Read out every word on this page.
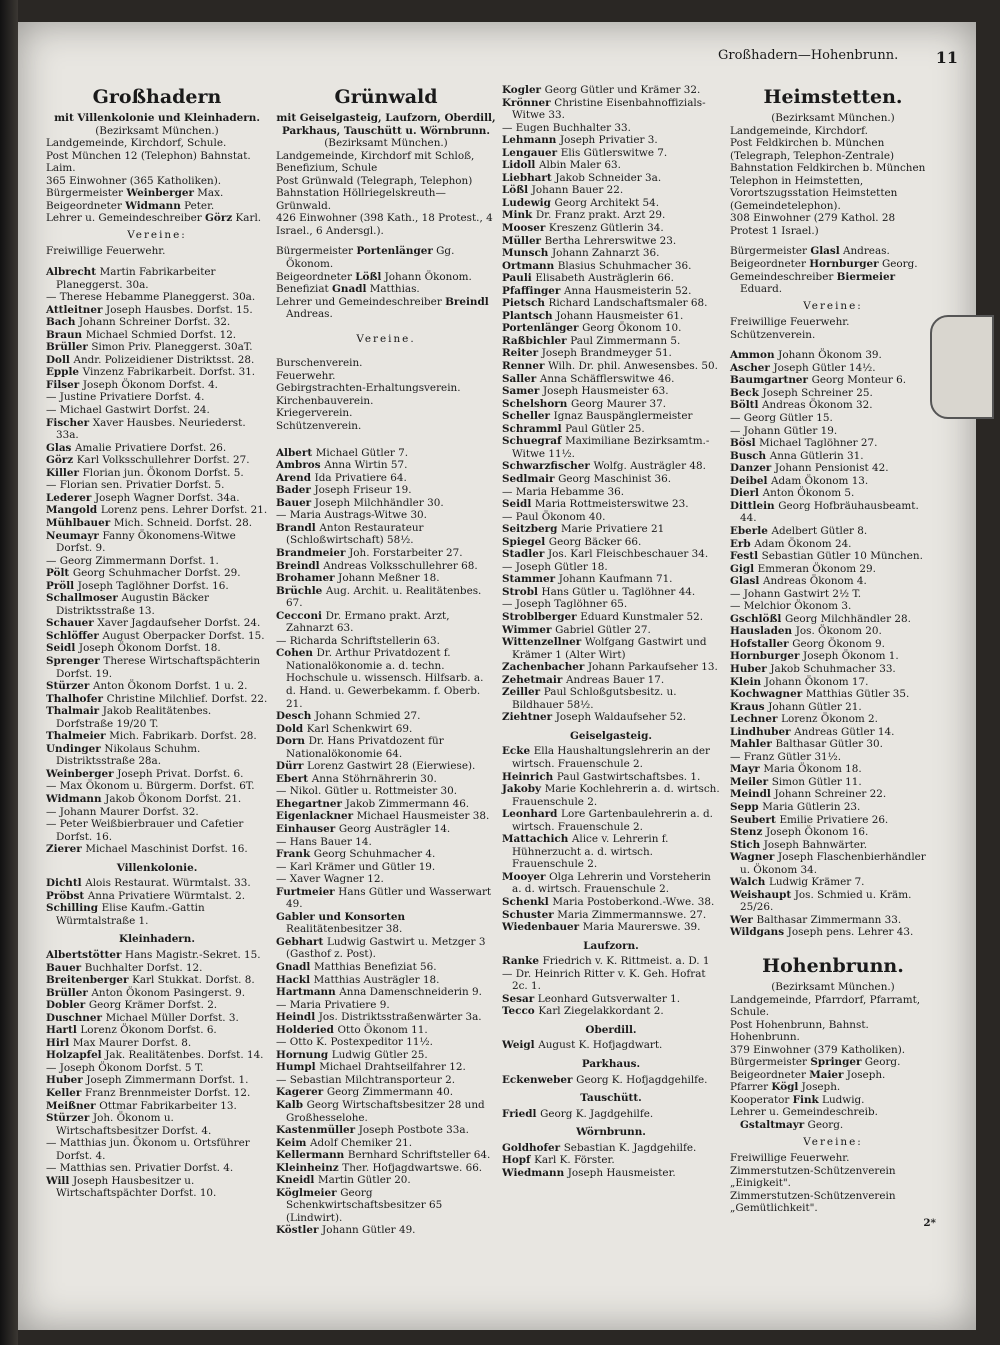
Großhadern—Hohenbrunn. 11
Großhadern
mit Villenkolonie und Kleinhadern.
(Bezirksamt München.)
Landgemeinde, Kirchdorf, Schule.
Post München 12 (Telephon) Bahnstat. Laim.
365 Einwohner (365 Katholiken).
Bürgermeister Weinberger Max.
Beigeordneter Widmann Peter.
Lehrer u. Gemeindeschreiber Görz Karl.
Vereine:
Freiwillige Feuerwehr.
Albrecht Martin Fabrikarbeiter Planeggerst. 30a.
— Therese Hebamme Planeggerst. 30a.
Attleitner Joseph Hausbes. Dorfst. 15.
Bach Johann Schreiner Dorfst. 32.
Braun Michael Schmied Dorfst. 12.
Brüller Simon Priv. Planeggerst. 30aT.
Doll Andr. Polizeidiener Distriktsst. 28.
Epple Vinzenz Fabrikarbeit. Dorfst. 31.
Filser Joseph Ökonom Dorfst. 4.
— Justine Privatiere Dorfst. 4.
— Michael Gastwirt Dorfst. 24.
Fischer Xaver Hausbes. Neuriederst. 33a.
Glas Amalie Privatiere Dorfst. 26.
Görz Karl Volksschullehrer Dorfst. 27.
Killer Florian jun. Ökonom Dorfst. 5.
— Florian sen. Privatier Dorfst. 5.
Lederer Joseph Wagner Dorfst. 34a.
Mangold Lorenz pens. Lehrer Dorfst. 21.
Mühlbauer Mich. Schneid. Dorfst. 28.
Neumayr Fanny Ökonomens-Witwe Dorfst. 9.
— Georg Zimmermann Dorfst. 1.
Pölt Georg Schuhmacher Dorfst. 29.
Pröll Joseph Taglöhner Dorfst. 16.
Schallmoser Augustin Bäcker Distriktsstraße 13.
Schauer Xaver Jagdaufseher Dorfst. 24.
Schlöffer August Oberpacker Dorfst. 15.
Seidl Joseph Ökonom Dorfst. 18.
Sprenger Therese Wirtschaftspächterin Dorfst. 19.
Stürzer Anton Ökonom Dorfst. 1 u. 2.
Thalhofer Christine Milchlief. Dorfst. 22.
Thalmair Jakob Realitätenbes. Dorfstraße 19/20 T.
Thalmeier Mich. Fabrikarb. Dorfst. 28.
Undinger Nikolaus Schuhm. Distriktsstraße 28a.
Weinberger Joseph Privat. Dorfst. 6.
— Max Ökonom u. Bürgerm. Dorfst. 6T.
Widmann Jakob Ökonom Dorfst. 21.
— Johann Maurer Dorfst. 32.
— Peter Weißbierbrauer und Cafetier Dorfst. 16.
Zierer Michael Maschinist Dorfst. 16.
Villenkolonie.
Dichtl Alois Restaurat. Würmtalst. 33.
Pröbst Anna Privatiere Würmtalst. 2.
Schilling Elise Kaufm.-Gattin Würmtalstraße 1.
Kleinhadern.
Albertstötter Hans Magistr.-Sekret. 15.
Bauer Buchhalter Dorfst. 12.
Breitenberger Karl Stukkat. Dorfst. 8.
Brüller Anton Ökonom Pasingerst. 9.
Dobler Georg Krämer Dorfst. 2.
Duschner Michael Müller Dorfst. 3.
Hartl Lorenz Ökonom Dorfst. 6.
Hirl Max Maurer Dorfst. 8.
Holzapfel Jak. Realitätenbes. Dorfst. 14.
— Joseph Ökonom Dorfst. 5 T.
Huber Joseph Zimmermann Dorfst. 1.
Keller Franz Brennmeister Dorfst. 12.
Meißner Ottmar Fabrikarbeiter 13.
Stürzer Joh. Ökonom u. Wirtschaftsbesitzer Dorfst. 4.
— Matthias jun. Ökonom u. Ortsführer Dorfst. 4.
— Matthias sen. Privatier Dorfst. 4.
Will Joseph Hausbesitzer u. Wirtschaftspächter Dorfst. 10.
Grünwald
mit Geiselgasteig, Laufzorn, Oberdill, Parkhaus, Tauschütt u. Wörnbrunn.
(Bezirksamt München.)
Landgemeinde, Kirchdorf mit Schloß, Benefizium, Schule
Post Grünwald (Telegraph, Telephon) Bahnstation Höllriegelskreuth—Grünwald.
426 Einwohner (398 Kath., 18 Protest., 4 Israel., 6 Andersgl.).
Bürgermeister Portenlänger Gg. Ökonom.
Beigeordneter Lößl Johann Ökonom.
Benefiziat Gnadl Matthias.
Lehrer und Gemeindeschreiber Breindl Andreas.
Vereine.
Burschenverein.
Feuerwehr.
Gebirgstrachten-Erhaltungsverein.
Kirchenbauverein.
Kriegerverein.
Schützenverein.
Albert Michael Gütler 7.
Ambros Anna Wirtin 57.
Arend Ida Privatiere 64.
Bader Joseph Friseur 19.
Bauer Joseph Milchhändler 30.
— Maria Austrags-Witwe 30.
Brandl Anton Restaurateur (Schloßwirtschaft) 58½.
Brandmeier Joh. Forstarbeiter 27.
Breindl Andreas Volksschullehrer 68.
Brohamer Johann Meßner 18.
Brüchle Aug. Archit. u. Realitätenbes. 67.
Cecconi Dr. Ermano prakt. Arzt, Zahnarzt 63.
— Richarda Schriftstellerin 63.
Cohen Dr. Arthur Privatdozent f. Nationalökonomie a. d. techn. Hochschule u. wissensch. Hilfsarb. a. d. Hand. u. Gewerbekamm. f. Oberb. 21.
Desch Johann Schmied 27.
Dold Karl Schenkwirt 69.
Dorn Dr. Hans Privatdozent für Nationalökonomie 64.
Dürr Lorenz Gastwirt 28 (Eierwiese).
Ebert Anna Stöhrnährerin 30.
— Nikol. Gütler u. Rottmeister 30.
Ehegartner Jakob Zimmermann 46.
Eigenlackner Michael Hausmeister 38.
Einhauser Georg Austrägler 14.
— Hans Bauer 14.
Frank Georg Schuhmacher 4.
— Karl Krämer und Gütler 19.
— Xaver Wagner 12.
Furtmeier Hans Gütler und Wasserwart 49.
Gabler und Konsorten Realitätenbesitzer 38.
Gebhart Ludwig Gastwirt u. Metzger 3 (Gasthof z. Post).
Gnadl Matthias Benefiziat 56.
Hackl Matthias Austrägler 18.
Hartmann Anna Damenschneiderin 9.
— Maria Privatiere 9.
Heindl Jos. Distriktsstraßenwärter 3a.
Holderied Otto Ökonom 11.
— Otto K. Postexpeditor 11½.
Hornung Ludwig Gütler 25.
Humpl Michael Drahtseilfahrer 12.
— Sebastian Milchtransporteur 2.
Kagerer Georg Zimmermann 40.
Kalb Georg Wirtschaftsbesitzer 28 und Großhesselohe.
Kastenmüller Joseph Postbote 33a.
Keim Adolf Chemiker 21.
Kellermann Bernhard Schriftsteller 64.
Kleinheinz Ther. Hofjagdwartswe. 66.
Kneidl Martin Gütler 20.
Köglmeier Georg Schenkwirtschaftsbesitzer 65 (Lindwirt).
Köstler Johann Gütler 49.
Kogler Georg Gütler und Krämer 32.
Krönner Christine Eisenbahnoffizials-Witwe 33.
— Eugen Buchhalter 33.
Lehmann Joseph Privatier 3.
Lengauer Elis Gütlerswitwe 7.
Lidoll Albin Maler 63.
Liebhart Jakob Schneider 3a.
Lößl Johann Bauer 22.
Ludewig Georg Architekt 54.
Mink Dr. Franz prakt. Arzt 29.
Mooser Kreszenz Gütlerin 34.
Müller Bertha Lehrerswitwe 23.
Munsch Johann Zahnarzt 36.
Ortmann Blasius Schuhmacher 36.
Pauli Elisabeth Austräglerin 66.
Pfaffinger Anna Hausmeisterin 52.
Pietsch Richard Landschaftsmaler 68.
Plantsch Johann Hausmeister 61.
Portenlänger Georg Ökonom 10.
Raßbichler Paul Zimmermann 5.
Reiter Joseph Brandmeyger 51.
Renner Wilh. Dr. phil. Anwesensbes. 50.
Saller Anna Schäfflerswitwe 46.
Samer Joseph Hausmeister 63.
Schelshorn Georg Maurer 37.
Scheller Ignaz Bauspänglermeister
Schramml Paul Gütler 25.
Schuegraf Maximiliane Bezirksamtm.-Witwe 11½.
Schwarzfischer Wolfg. Austrägler 48.
Sedlmair Georg Maschinist 36.
— Maria Hebamme 36.
Seidl Maria Rottmeisterswitwe 23.
— Paul Ökonom 40.
Seitzberg Marie Privatiere 21
Spiegel Georg Bäcker 66.
Stadler Jos. Karl Fleischbeschauer 34.
— Joseph Gütler 18.
Stammer Johann Kaufmann 71.
Strobl Hans Gütler u. Taglöhner 44.
— Joseph Taglöhner 65.
Stroblberger Eduard Kunstmaler 52.
Wimmer Gabriel Gütler 27.
Wittenzellner Wolfgang Gastwirt und Krämer 1 (Alter Wirt)
Zachenbacher Johann Parkaufseher 13.
Zehetmair Andreas Bauer 17.
Zeiller Paul Schloßgutsbesitz. u. Bildhauer 58½.
Ziehtner Joseph Waldaufseher 52.
Geiselgasteig.
Ecke Ella Haushaltungslehrerin an der wirtsch. Frauenschule 2.
Heinrich Paul Gastwirtschaftsbes. 1.
Jakoby Marie Kochlehrerin a. d. wirtsch. Frauenschule 2.
Leonhard Lore Gartenbaulehrerin a. d. wirtsch. Frauenschule 2.
Mattachich Alice v. Lehrerin f. Hühnerzucht a. d. wirtsch. Frauenschule 2.
Mooyer Olga Lehrerin und Vorsteherin a. d. wirtsch. Frauenschule 2.
Schenkl Maria Postoberkond.-Wwe. 38.
Schuster Maria Zimmermannswe. 27.
Wiedenbauer Maria Maurerswe. 39.
Laufzorn.
Ranke Friedrich v. K. Rittmeist. a. D. 1
— Dr. Heinrich Ritter v. K. Geh. Hofrat 2c. 1.
Sesar Leonhard Gutsverwalter 1.
Tecco Karl Ziegelakkordant 2.
Oberdill.
Weigl August K. Hofjagdwart.
Parkhaus.
Eckenweber Georg K. Hofjagdgehilfe.
Tauschütt.
Friedl Georg K. Jagdgehilfe.
Wörnbrunn.
Goldhofer Sebastian K. Jagdgehilfe.
Hopf Karl K. Förster.
Wiedmann Joseph Hausmeister.
Heimstetten.
(Bezirksamt München.)
Landgemeinde, Kirchdorf.
Post Feldkirchen b. München (Telegraph, Telephon-Zentrale) Bahnstation Feldkirchen b. München Telephon in Heimstetten, Vorortszugsstation Heimstetten (Gemeindetelephon).
308 Einwohner (279 Kathol. 28 Protest 1 Israel.)
Bürgermeister Glasl Andreas.
Beigeordneter Hornburger Georg.
Gemeindeschreiber Biermeier Eduard.
Vereine:
Freiwillige Feuerwehr.
Schützenverein.
Ammon Johann Ökonom 39.
Ascher Joseph Gütler 14½.
Baumgartner Georg Monteur 6.
Beck Joseph Schreiner 25.
Böltl Andreas Ökonom 32.
— Georg Gütler 15.
— Johann Gütler 19.
Bösl Michael Taglöhner 27.
Busch Anna Gütlerin 31.
Danzer Johann Pensionist 42.
Deibel Adam Ökonom 13.
Dierl Anton Ökonom 5.
Dittlein Georg Hofbräuhausbeamt. 44.
Eberle Adelbert Gütler 8.
Erb Adam Ökonom 24.
Festl Sebastian Gütler 10 München.
Gigl Emmeran Ökonom 29.
Glasl Andreas Ökonom 4.
— Johann Gastwirt 2½ T.
— Melchior Ökonom 3.
Gschlößl Georg Milchhändler 28.
Hausladen Jos. Ökonom 20.
Hofstaller Georg Ökonom 9.
Hornburger Joseph Ökonom 1.
Huber Jakob Schuhmacher 33.
Klein Johann Ökonom 17.
Kochwagner Matthias Gütler 35.
Kraus Johann Gütler 21.
Lechner Lorenz Ökonom 2.
Lindhuber Andreas Gütler 14.
Mahler Balthasar Gütler 30.
— Franz Gütler 31½.
Mayr Maria Ökonom 18.
Meiler Simon Gütler 11.
Meindl Johann Schreiner 22.
Sepp Maria Gütlerin 23.
Seubert Emilie Privatiere 26.
Stenz Joseph Ökonom 16.
Stich Joseph Bahnwärter.
Wagner Joseph Flaschenbierhändler u. Ökonom 34.
Walch Ludwig Krämer 7.
Weishaupt Jos. Schmied u. Kräm. 25/26.
Wer Balthasar Zimmermann 33.
Wildgans Joseph pens. Lehrer 43.
Hohenbrunn.
(Bezirksamt München.)
Landgemeinde, Pfarrdorf, Pfarramt, Schule.
Post Hohenbrunn, Bahnst. Hohenbrunn.
379 Einwohner (379 Katholiken).
Bürgermeister Springer Georg.
Beigeordneter Maier Joseph.
Pfarrer Kögl Joseph.
Kooperator Fink Ludwig.
Lehrer u. Gemeindeschreib. Gstaltmayr Georg.
Vereine:
Freiwillige Feuerwehr.
Zimmerstutzen-Schützenverein „Einigkeit".
Zimmerstutzen-Schützenverein „Gemütlichkeit".
2*
